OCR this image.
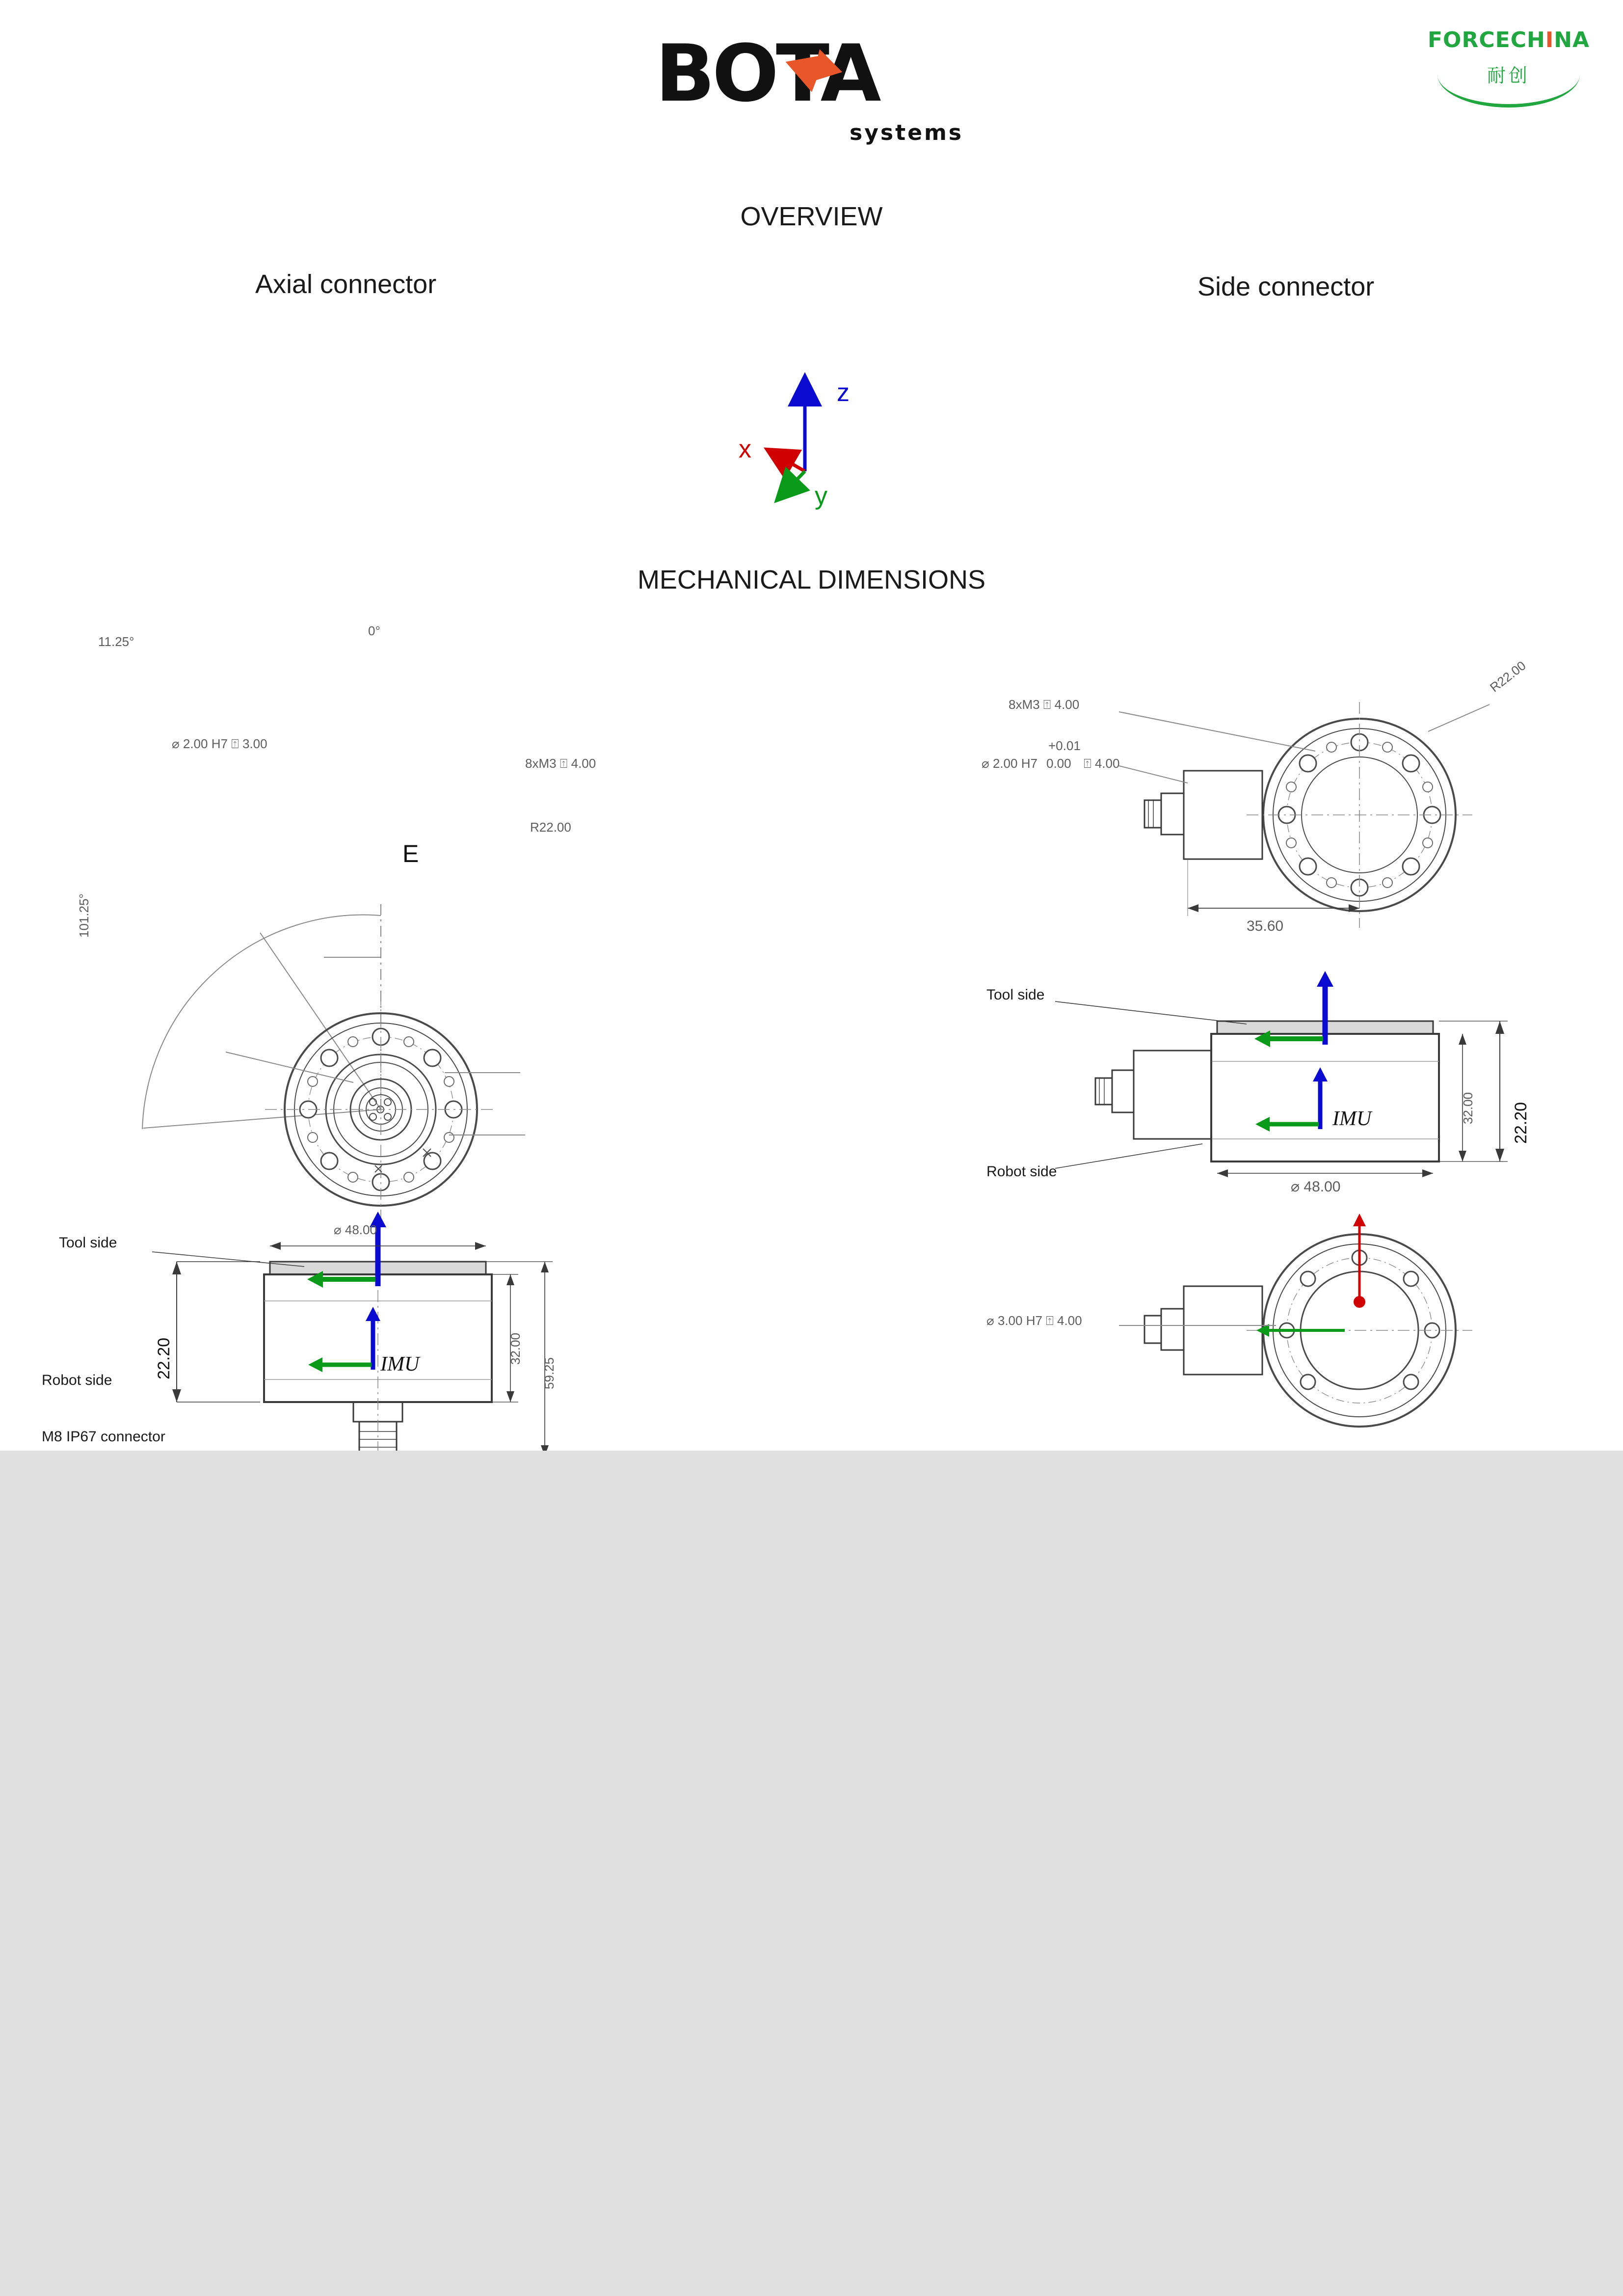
BOTA
systems
FORCECHINA
耐创
OVERVIEW
Axial connector	Side connector
z
x
y
MECHANICAL DIMENSIONS
11.25°
0°
101.25°
⌀ 2.00 H7 ⍐ 3.00
8xM3 ⍐ 4.00
R22.00
E
⌀ 48.00
22.20	32.00
59.25
Tool side
Robot side
M8 IP67 connector
IMU
8xM3 ⍐ 4.00
R22.00
+0.01
⌀ 2.00 H7 0.00 ⍐ 4.00
35.60
Tool side
Robot side
IMU	32.00 22.20
⌀ 48.00
⌀ 3.00 H7 ⍐ 4.00
